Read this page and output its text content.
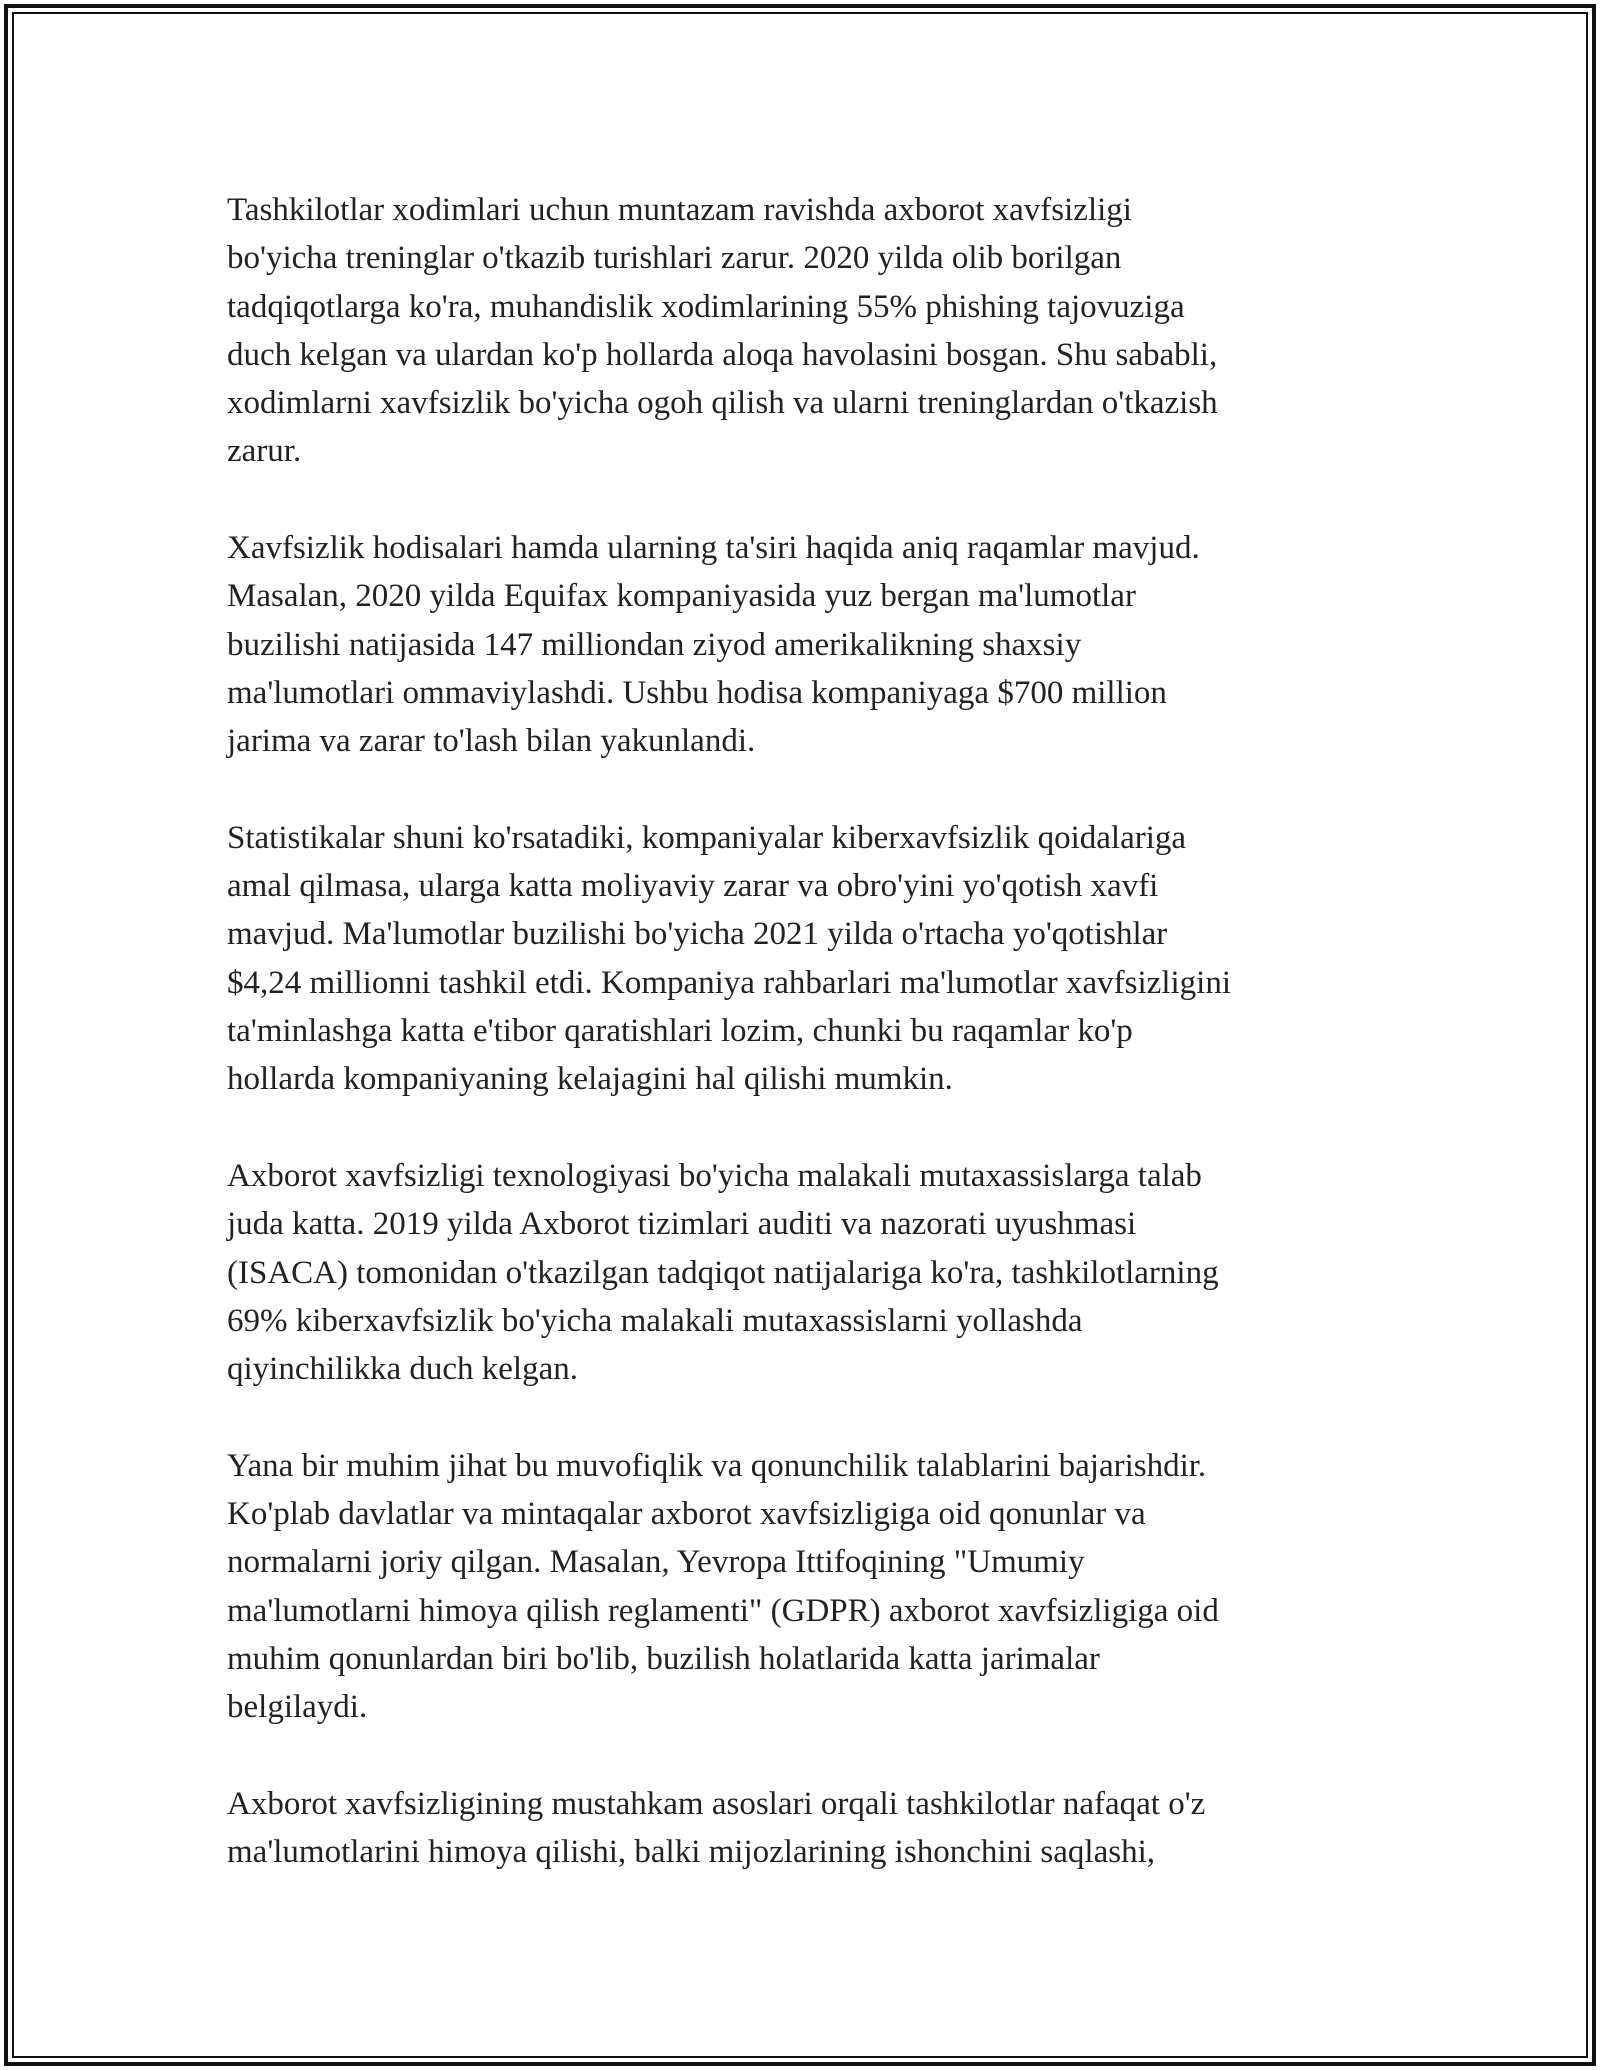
Tashkilotlar xodimlari uchun muntazam ravishda axborot xavfsizligi
bo'yicha treninglar o'tkazib turishlari zarur. 2020 yilda olib borilgan
tadqiqotlarga ko'ra, muhandislik xodimlarining 55% phishing tajovuziga
duch kelgan va ulardan ko'p hollarda aloqa havolasini bosgan. Shu sababli,
xodimlarni xavfsizlik bo'yicha ogoh qilish va ularni treninglardan o'tkazish
zarur.

Xavfsizlik hodisalari hamda ularning ta'siri haqida aniq raqamlar mavjud.
Masalan, 2020 yilda Equifax kompaniyasida yuz bergan ma'lumotlar
buzilishi natijasida 147 milliondan ziyod amerikalikning shaxsiy
ma'lumotlari ommaviylashdi. Ushbu hodisa kompaniyaga $700 million
jarima va zarar to'lash bilan yakunlandi.

Statistikalar shuni ko'rsatadiki, kompaniyalar kiberxavfsizlik qoidalariga
amal qilmasa, ularga katta moliyaviy zarar va obro'yini yo'qotish xavfi
mavjud. Ma'lumotlar buzilishi bo'yicha 2021 yilda o'rtacha yo'qotishlar
$4,24 millionni tashkil etdi. Kompaniya rahbarlari ma'lumotlar xavfsizligini
ta'minlashga katta e'tibor qaratishlari lozim, chunki bu raqamlar ko'p
hollarda kompaniyaning kelajagini hal qilishi mumkin.

Axborot xavfsizligi texnologiyasi bo'yicha malakali mutaxassislarga talab
juda katta. 2019 yilda Axborot tizimlari auditi va nazorati uyushmasi
(ISACA) tomonidan o'tkazilgan tadqiqot natijalariga ko'ra, tashkilotlarning
69% kiberxavfsizlik bo'yicha malakali mutaxassislarni yollashda
qiyinchilikka duch kelgan.

Yana bir muhim jihat bu muvofiqlik va qonunchilik talablarini bajarishdir.
Ko'plab davlatlar va mintaqalar axborot xavfsizligiga oid qonunlar va
normalarni joriy qilgan. Masalan, Yevropa Ittifoqining "Umumiy
ma'lumotlarni himoya qilish reglamenti" (GDPR) axborot xavfsizligiga oid
muhim qonunlardan biri bo'lib, buzilish holatlarida katta jarimalar
belgilaydi.

Axborot xavfsizligining mustahkam asoslari orqali tashkilotlar nafaqat o'z
ma'lumotlarini himoya qilishi, balki mijozlarining ishonchini saqlashi,
